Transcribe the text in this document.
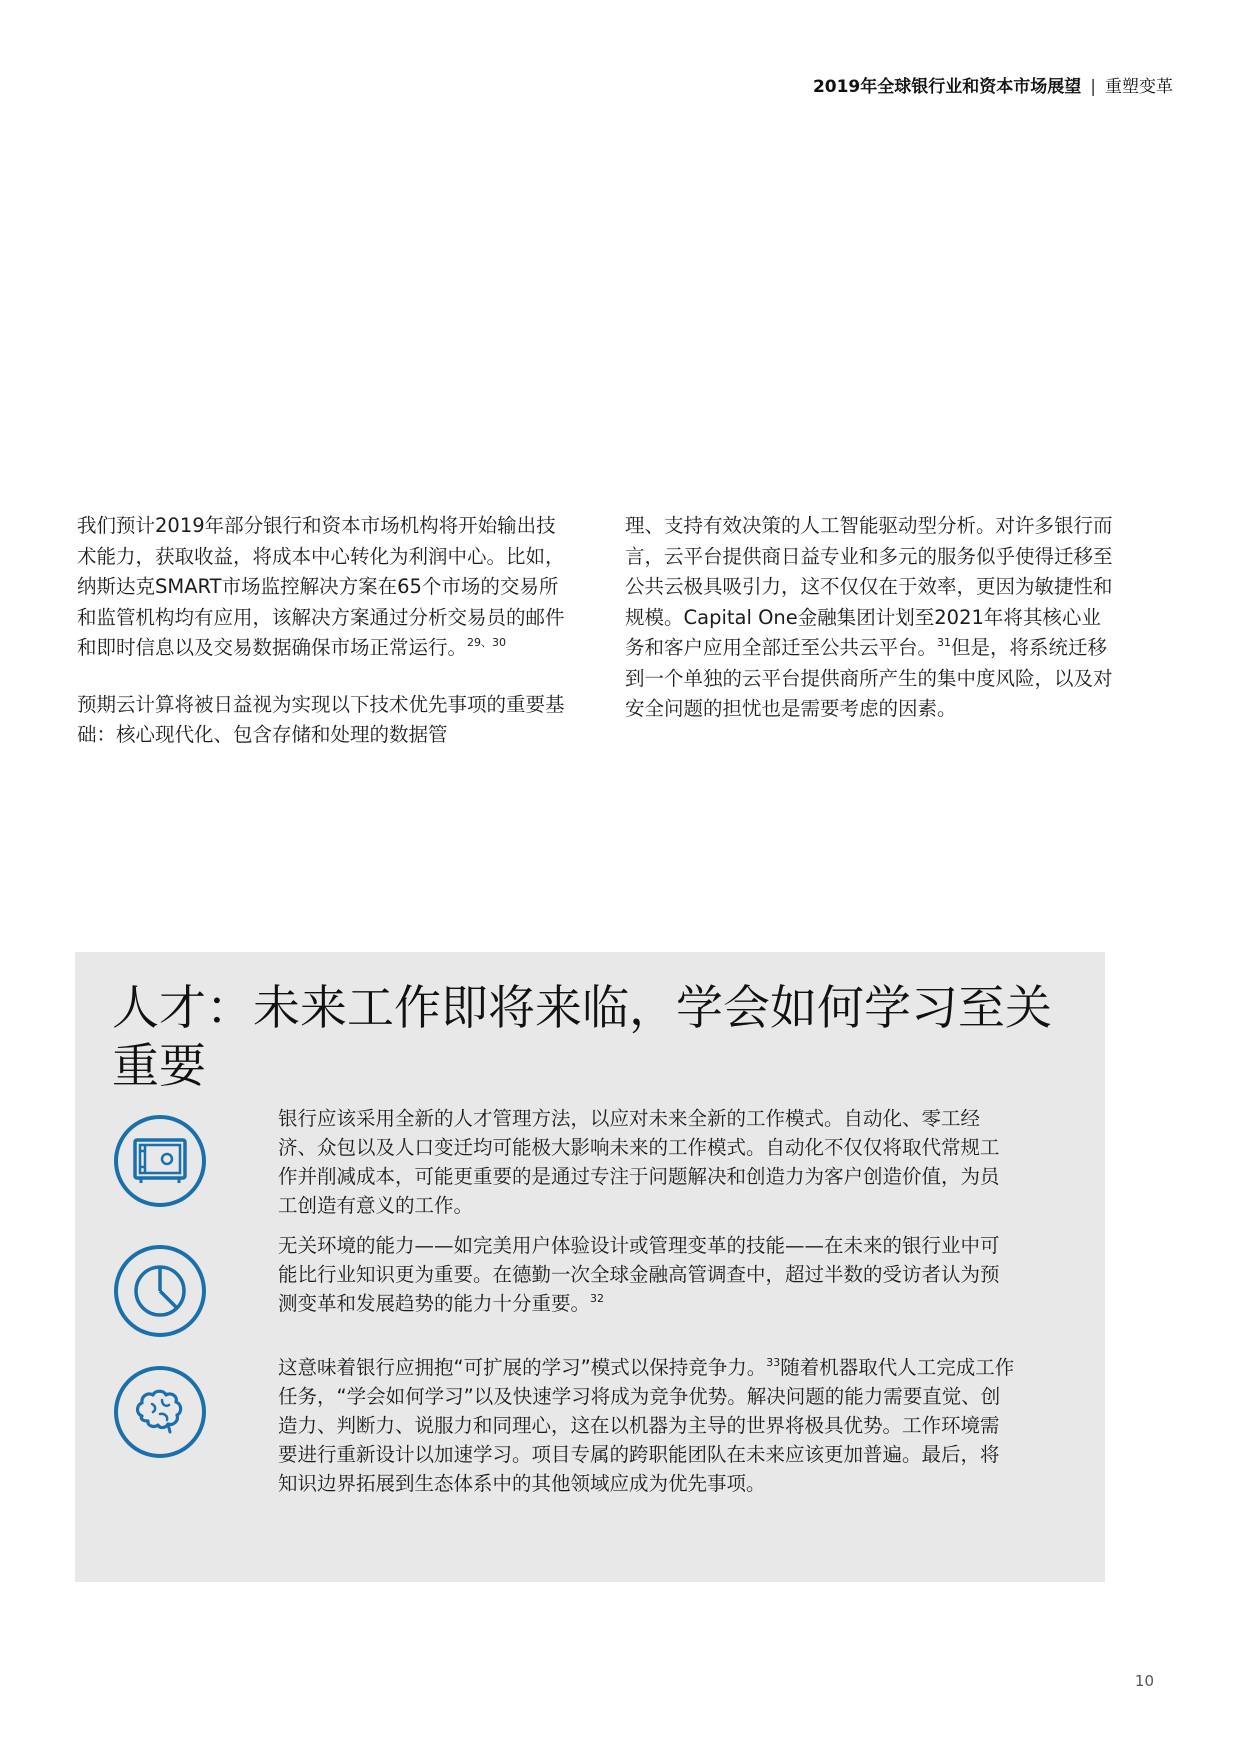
2019年全球银行业和资本市场展望 | 重塑变革

我们预计2019年部分银行和资本市场机构将开始输出技术能力，获取收益，将成本中心转化为利润中心。比如，纳斯达克SMART市场监控解决方案在65个市场的交易所和监管机构均有应用，该解决方案通过分析交易员的邮件和即时信息以及交易数据确保市场正常运行。$^{29、30}$

预期云计算将被日益视为实现以下技术优先事项的重要基础：核心现代化、包含存储和处理的数据管

理、支持有效决策的人工智能驱动型分析。对许多银行而言，云平台提供商日益专业和多元的服务似乎使得迁移至公共云极具吸引力，这不仅仅在于效率，更因为敏捷性和规模。Capital One金融集团计划至2021年将其核心业务和客户应用全部迁至公共云平台。$^{31}$但是，将系统迁移到一个单独的云平台提供商所产生的集中度风险，以及对安全问题的担忧也是需要考虑的因素。

人才：未来工作即将来临，学会如何学习至关重要

银行应该采用全新的人才管理方法，以应对未来全新的工作模式。自动化、零工经济、众包以及人口变迁均可能极大影响未来的工作模式。自动化不仅仅将取代常规工作并削减成本，可能更重要的是通过专注于问题解决和创造力为客户创造价值，为员工创造有意义的工作。

无关环境的能力——如完美用户体验设计或管理变革的技能——在未来的银行业中可能比行业知识更为重要。在德勤一次全球金融高管调查中，超过半数的受访者认为预测变革和发展趋势的能力十分重要。$^{32}$

这意味着银行应拥抱“可扩展的学习”模式以保持竞争力。$^{33}$随着机器取代人工完成工作任务，“学会如何学习”以及快速学习将成为竞争优势。解决问题的能力需要直觉、创造力、判断力、说服力和同理心，这在以机器为主导的世界将极具优势。工作环境需要进行重新设计以加速学习。项目专属的跨职能团队在未来应该更加普遍。最后，将知识边界拓展到生态体系中的其他领域应成为优先事项。

10
